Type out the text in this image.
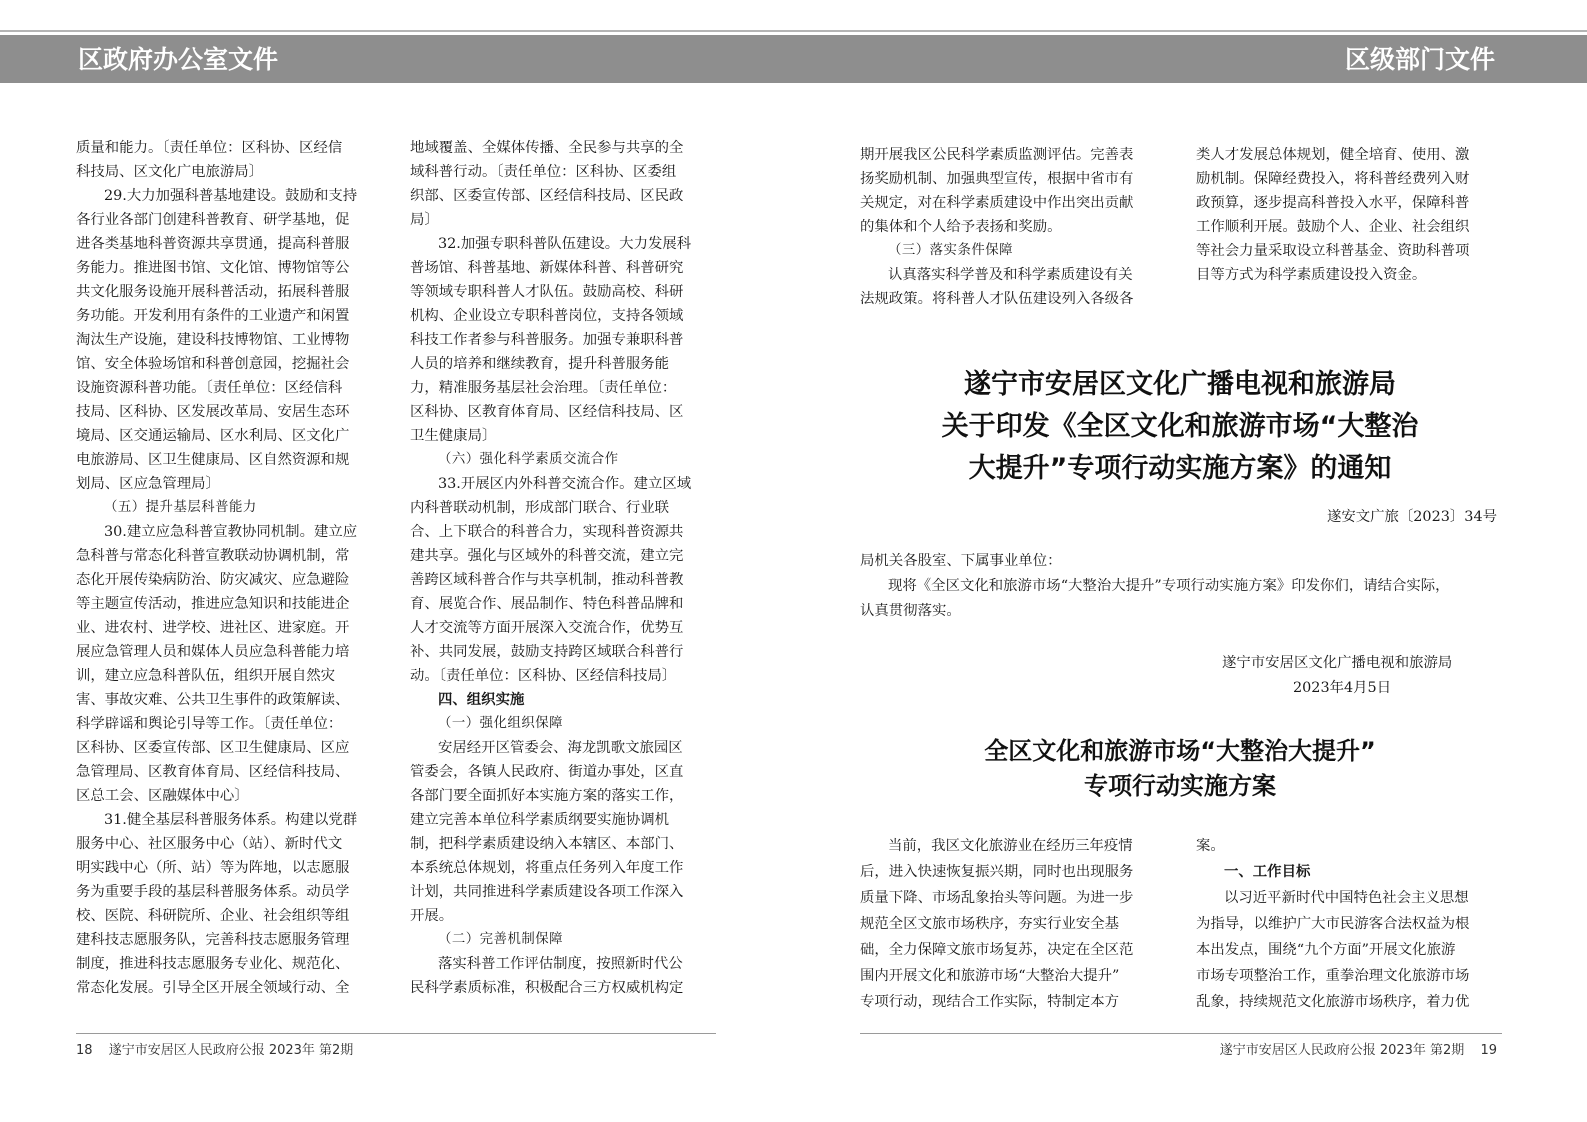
区政府办公室文件	区级部门文件
质量和能力。〔责任单位：区科协、区经信
科技局、区文化广电旅游局〕
29.大力加强科普基地建设。鼓励和支持
各行业各部门创建科普教育、研学基地，促
进各类基地科普资源共享贯通，提高科普服
务能力。推进图书馆、文化馆、博物馆等公
共文化服务设施开展科普活动，拓展科普服
务功能。开发利用有条件的工业遗产和闲置
淘汰生产设施，建设科技博物馆、工业博物
馆、安全体验场馆和科普创意园，挖掘社会
设施资源科普功能。〔责任单位：区经信科
技局、区科协、区发展改革局、安居生态环
境局、区交通运输局、区水利局、区文化广
电旅游局、区卫生健康局、区自然资源和规
划局、区应急管理局〕
（五）提升基层科普能力
30.建立应急科普宣教协同机制。建立应
急科普与常态化科普宣教联动协调机制，常
态化开展传染病防治、防灾减灾、应急避险
等主题宣传活动，推进应急知识和技能进企
业、进农村、进学校、进社区、进家庭。开
展应急管理人员和媒体人员应急科普能力培
训，建立应急科普队伍，组织开展自然灾
害、事故灾难、公共卫生事件的政策解读、
科学辟谣和舆论引导等工作。〔责任单位：
区科协、区委宣传部、区卫生健康局、区应
急管理局、区教育体育局、区经信科技局、
区总工会、区融媒体中心〕
31.健全基层科普服务体系。构建以党群
服务中心、社区服务中心（站）、新时代文
明实践中心（所、站）等为阵地，以志愿服
务为重要手段的基层科普服务体系。动员学
校、医院、科研院所、企业、社会组织等组
建科技志愿服务队，完善科技志愿服务管理
制度，推进科技志愿服务专业化、规范化、
常态化发展。引导全区开展全领域行动、全
地域覆盖、全媒体传播、全民参与共享的全
域科普行动。〔责任单位：区科协、区委组
织部、区委宣传部、区经信科技局、区民政
局〕
32.加强专职科普队伍建设。大力发展科
普场馆、科普基地、新媒体科普、科普研究
等领域专职科普人才队伍。鼓励高校、科研
机构、企业设立专职科普岗位，支持各领域
科技工作者参与科普服务。加强专兼职科普
人员的培养和继续教育，提升科普服务能
力，精准服务基层社会治理。〔责任单位：
区科协、区教育体育局、区经信科技局、区
卫生健康局〕
（六）强化科学素质交流合作
33.开展区内外科普交流合作。建立区域
内科普联动机制，形成部门联合、行业联
合、上下联合的科普合力，实现科普资源共
建共享。强化与区域外的科普交流，建立完
善跨区域科普合作与共享机制，推动科普教
育、展览合作、展品制作、特色科普品牌和
人才交流等方面开展深入交流合作，优势互
补、共同发展，鼓励支持跨区域联合科普行
动。〔责任单位：区科协、区经信科技局〕
四、组织实施
（一）强化组织保障
安居经开区管委会、海龙凯歌文旅园区
管委会，各镇人民政府、街道办事处，区直
各部门要全面抓好本实施方案的落实工作，
建立完善本单位科学素质纲要实施协调机
制，把科学素质建设纳入本辖区、本部门、
本系统总体规划，将重点任务列入年度工作
计划，共同推进科学素质建设各项工作深入
开展。
（二）完善机制保障
落实科普工作评估制度，按照新时代公
民科学素质标准，积极配合三方权威机构定
期开展我区公民科学素质监测评估。完善表
扬奖励机制、加强典型宣传，根据中省市有
关规定，对在科学素质建设中作出突出贡献
的集体和个人给予表扬和奖励。
（三）落实条件保障
认真落实科学普及和科学素质建设有关
法规政策。将科普人才队伍建设列入各级各
类人才发展总体规划，健全培育、使用、激
励机制。保障经费投入，将科普经费列入财
政预算，逐步提高科普投入水平，保障科普
工作顺利开展。鼓励个人、企业、社会组织
等社会力量采取设立科普基金、资助科普项
目等方式为科学素质建设投入资金。
遂宁市安居区文化广播电视和旅游局
关于印发《全区文化和旅游市场“大整治
大提升”专项行动实施方案》的通知
遂安文广旅〔2023〕34号
局机关各股室、下属事业单位：
现将《全区文化和旅游市场“大整治大提升”专项行动实施方案》印发你们，请结合实际，
认真贯彻落实。
遂宁市安居区文化广播电视和旅游局
2023年4月5日
全区文化和旅游市场“大整治大提升”
专项行动实施方案
当前，我区文化旅游业在经历三年疫情
后，进入快速恢复振兴期，同时也出现服务
质量下降、市场乱象抬头等问题。为进一步
规范全区文旅市场秩序，夯实行业安全基
础，全力保障文旅市场复苏，决定在全区范
围内开展文化和旅游市场“大整治大提升”
专项行动，现结合工作实际，特制定本方
案。
一、工作目标
以习近平新时代中国特色社会主义思想
为指导，以维护广大市民游客合法权益为根
本出发点，围绕“九个方面”开展文化旅游
市场专项整治工作，重拳治理文化旅游市场
乱象，持续规范文化旅游市场秩序，着力优
18 遂宁市安居区人民政府公报 2023年 第2期	遂宁市安居区人民政府公报 2023年 第2期 19
